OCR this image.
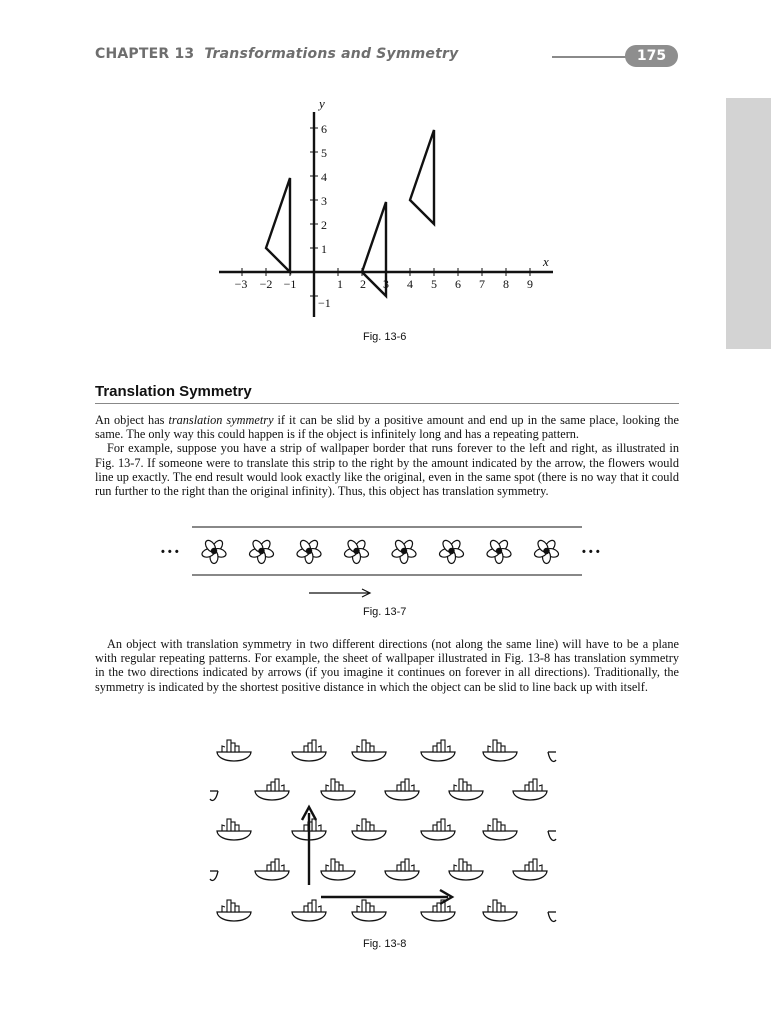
CHAPTER 13 Transformations and Symmetry	175
−3 −2 −1	1 2 3 4 5 6 7 8 9
6
5
4
3
2
1
−1
y
x
Fig. 13-6
Translation Symmetry

An object has translation symmetry if it can be slid by a positive amount and end up in the same place, looking the same. The only way this could happen is if the object is infinitely long and has a repeating pattern.

For example, suppose you have a strip of wallpaper border that runs forever to the left and right, as illustrated in Fig. 13-7. If someone were to translate this strip to the right by the amount indicated by the arrow, the flowers would line up exactly. The end result would look exactly like the original, even in the same spot (there is no way that it could run further to the right than the original infinity). Thus, this object has translation symmetry.

• • •	• • •
Fig. 13-7
An object with translation symmetry in two different directions (not along the same line) will have to be a plane with regular repeating patterns. For example, the sheet of wallpaper illustrated in Fig. 13-8 has translation symmetry in the two directions indicated by arrows (if you imagine it continues on forever in all directions). Traditionally, the symmetry is indicated by the shortest positive distance in which the object can be slid to line back up with itself.
Fig. 13-8
